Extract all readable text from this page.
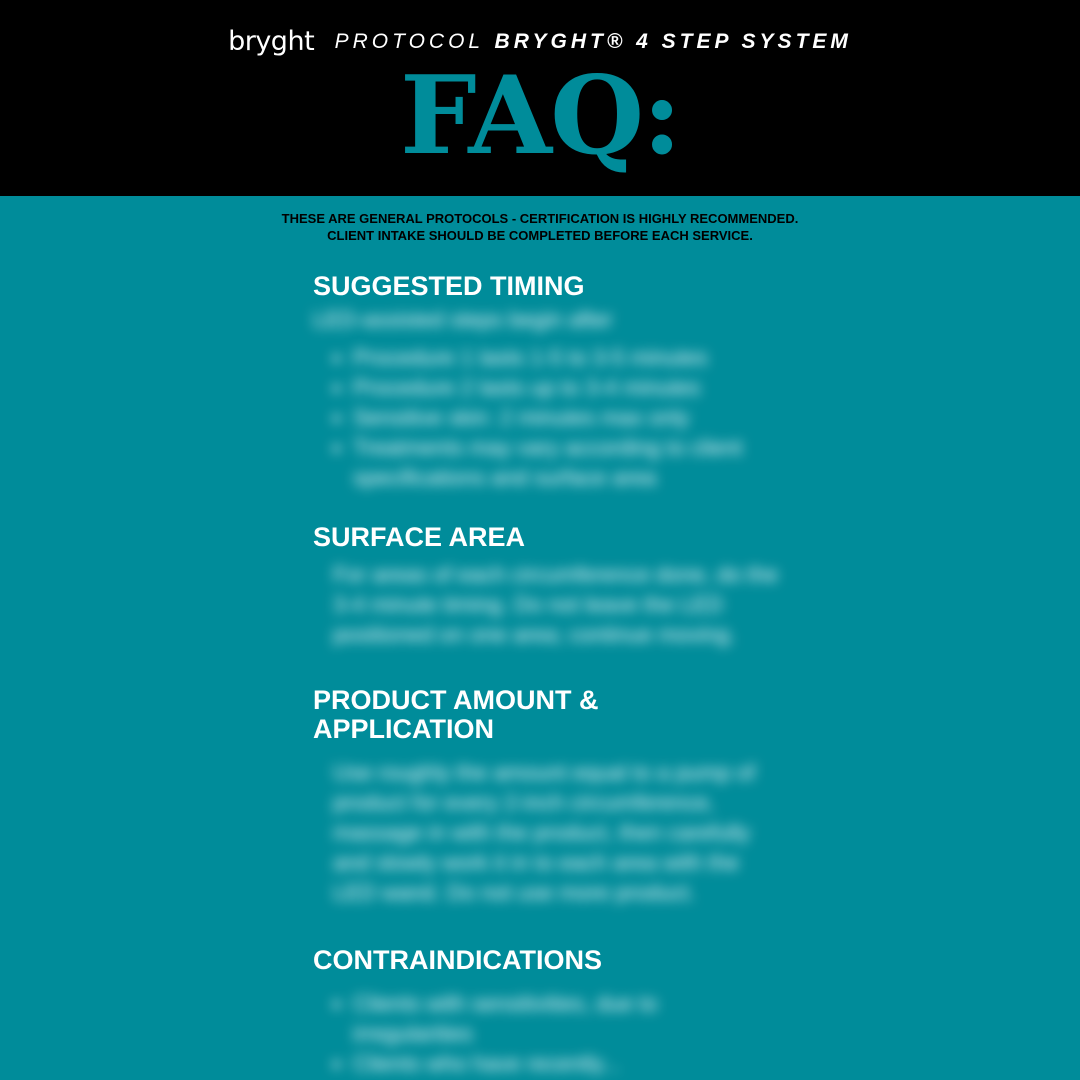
bryght PROTOCOL BRYGHT® 4 STEP SYSTEM
FAQ:
THESE ARE GENERAL PROTOCOLS - CERTIFICATION IS HIGHLY RECOMMENDED.
CLIENT INTAKE SHOULD BE COMPLETED BEFORE EACH SERVICE.
SUGGESTED TIMING
LED-assisted steps begin after
• Procedure 1 lasts 1-5 to 3-5 minutes
• Procedure 2 lasts up to 3-4 minutes
• Sensitive skin: 2 minutes max only
• Treatments may vary according to client specifications and surface area
SURFACE AREA
For areas of each circumference done, do the 3-4 minute timing. Do not leave the LED positioned on one area; continue moving.
PRODUCT AMOUNT &
APPLICATION
Use roughly the amount equal to a pump of product for every 2-inch circumference, massage in with the product, then carefully and slowly work it in to each area with the LED wand. Do not use more product.
CONTRAINDICATIONS
• Clients with sensitivities, due to irregularities
• Clients who have recently...
